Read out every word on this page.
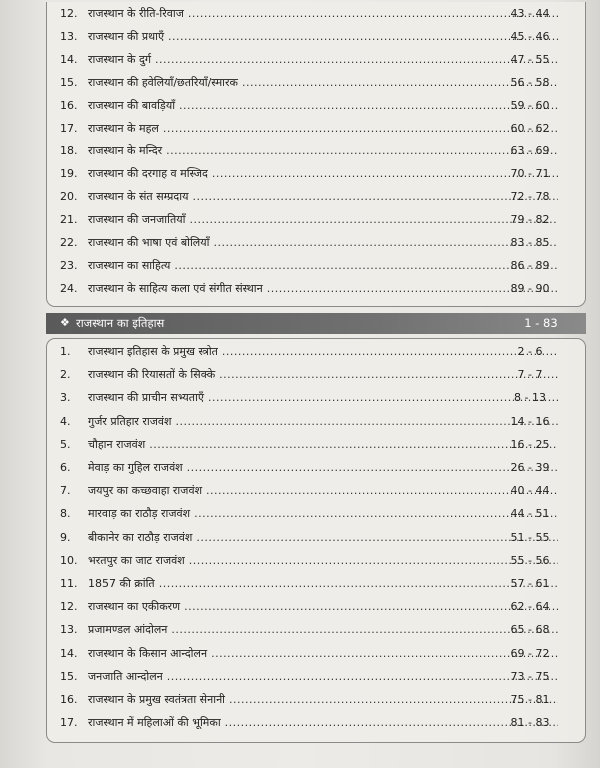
❖ राजस्थान का इतिहास	1 - 83
12. राजस्थान के रीति-रिवाज .....	43 - 44
13. राजस्थान की प्रथाएँ .....	45 - 46
14. राजस्थान के दुर्ग .....	47 - 55
15. राजस्थान की हवेलियाँ/छतरियाँ/स्मारक .....	56 - 58
16. राजस्थान की बावड़ियाँ .....	59 - 60
17. राजस्थान के महल .....	60 - 62
18. राजस्थान के मन्दिर .....	63 - 69
19. राजस्थान की दरगाह व मस्जिद .....	70 - 71
20. राजस्थान के संत सम्प्रदाय .....	72 - 78
21. राजस्थान की जनजातियाँ .....	79 - 82
22. राजस्थान की भाषा एवं बोलियाँ .....	83 - 85
23. राजस्थान का साहित्य .....	86 - 89
24. राजस्थान के साहित्य कला एवं संगीत संस्थान .....	89 - 90
1. राजस्थान इतिहास के प्रमुख स्त्रोत .....	2 - 6
2. राजस्थान की रियासतों के सिक्के .....	7 - 7
3. राजस्थान की प्राचीन सभ्यताएँ .....	8 - 13
4. गुर्जर प्रतिहार राजवंश .....	14 - 16
5. चौहान राजवंश .....	16 - 25
6. मेवाड़ का गुहिल राजवंश .....	26 - 39
7. जयपुर का कच्छवाहा राजवंश .....	40 - 44
8. मारवाड़ का राठौड़ राजवंश .....	44 - 51
9. बीकानेर का राठौड़ राजवंश .....	51 - 55
10. भरतपुर का जाट राजवंश .....	55 - 56
11. 1857 की क्रांति .....	57 - 61
12. राजस्थान का एकीकरण .....	62 - 64
13. प्रजामण्डल आंदोलन .....	65 - 68
14. राजस्थान के किसान आन्दोलन .....	69 - 72
15. जनजाति आन्दोलन .....	73 - 75
16. राजस्थान के प्रमुख स्वतंत्रता सेनानी .....	75 - 81
17. राजस्थान में महिलाओं की भूमिका .....	81 - 83
